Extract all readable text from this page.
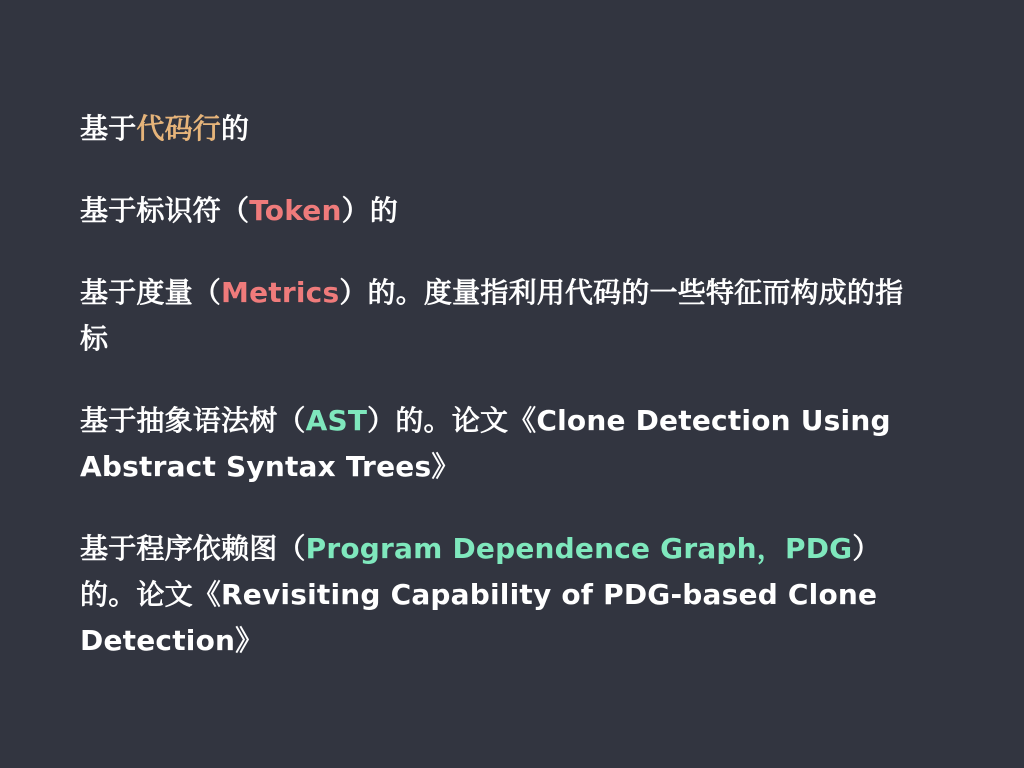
基于代码行的
基于标识符（Token）的
基于度量（Metrics）的。度量指利用代码的一些特征而构成的指标
基于抽象语法树（AST）的。论文《Clone Detection Using Abstract Syntax Trees》
基于程序依赖图（Program Dependence Graph，PDG）的。论文《Revisiting Capability of PDG-based Clone Detection》
